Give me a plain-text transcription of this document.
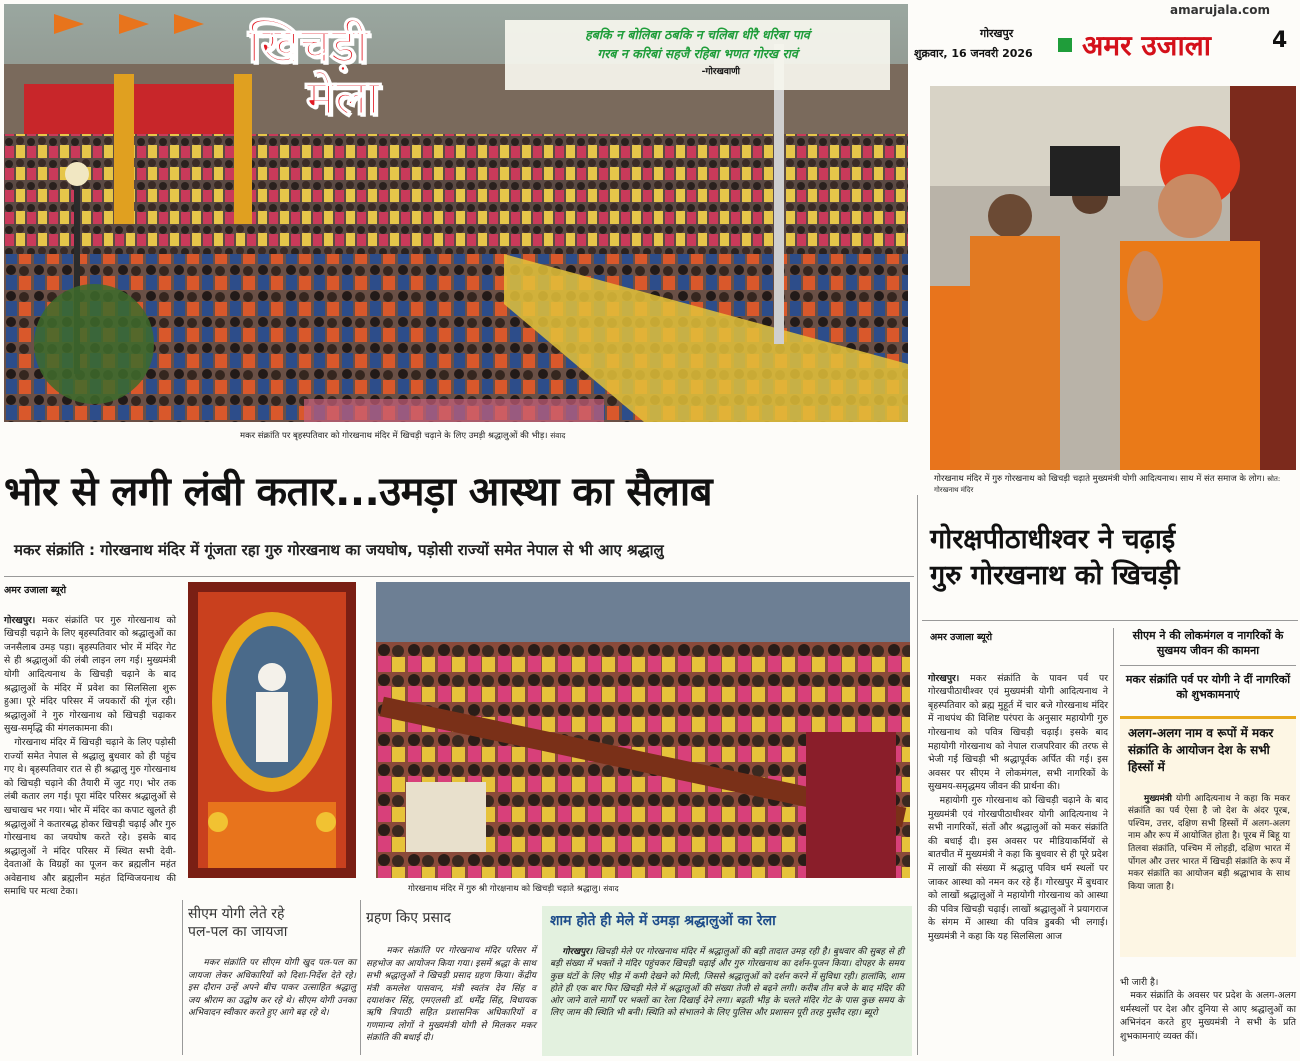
amarujala.com
गोरखपुर
शुक्रवार, 16 जनवरी 2026 अमर उजाला	4
खिचड़ी
मेला
हबकि न बोलिबा ठबकि न चलिबा धीरै धरिबा पावं
गरब न करिबां सहजै रहिबा भणत गोरख रावं
-गोरखवाणी
मकर संक्रांति पर बृहस्पतिवार को गोरखनाथ मंदिर में खिचड़ी चढ़ाने के लिए उमड़ी श्रद्धालुओं की भीड़। संवाद
गोरखनाथ मंदिर में गुरु गोरखनाथ को खिचड़ी चढ़ाते मुख्यमंत्री योगी आदित्यनाथ। साथ में संत समाज के लोग। स्रोत: गोरखनाथ मंदिर
भोर से लगी लंबी कतार...उमड़ा आस्था का सैलाब
मकर संक्रांति : गोरखनाथ मंदिर में गूंजता रहा गुरु गोरखनाथ का जयघोष, पड़ोसी राज्यों समेत नेपाल से भी आए श्रद्धालु
अमर उजाला ब्यूरो

गोरखपुर। मकर संक्रांति पर गुरु गोरखनाथ को खिचड़ी चढ़ाने के लिए बृहस्पतिवार को श्रद्धालुओं का जनसैलाब उमड़ पड़ा। बृहस्पतिवार भोर में मंदिर गेट से ही श्रद्धालुओं की लंबी लाइन लग गई। मुख्यमंत्री योगी आदित्यनाथ के खिचड़ी चढ़ाने के बाद श्रद्धालुओं के मंदिर में प्रवेश का सिलसिला शुरू हुआ। पूरे मंदिर परिसर में जयकारों की गूंज रही। श्रद्धालुओं ने गुरु गोरखनाथ को खिचड़ी चढ़ाकर सुख-समृद्धि की मंगलकामना की।
गोरखनाथ मंदिर में खिचड़ी चढ़ाने के लिए पड़ोसी राज्यों समेत नेपाल से श्रद्धालु बुधवार को ही पहुंच गए थे। बृहस्पतिवार रात से ही श्रद्धालु गुरु गोरखनाथ को खिचड़ी चढ़ाने की तैयारी में जुट गए। भोर तक लंबी कतार लग गई। पूरा मंदिर परिसर श्रद्धालुओं से खचाखच भर गया। भोर में मंदिर का कपाट खुलते ही श्रद्धालुओं ने कतारबद्ध होकर खिचड़ी चढ़ाई और गुरु गोरखनाथ का जयघोष करते रहे। इसके बाद श्रद्धालुओं ने मंदिर परिसर में स्थित सभी देवी-देवताओं के विग्रहों का पूजन कर ब्रह्मलीन महंत अवेद्यनाथ और ब्रह्मलीन महंत दिग्विजयनाथ की समाधि पर मत्था टेका।	गोरखनाथ मंदिर में गुरु श्री गोरक्षनाथ को खिचड़ी चढ़ाते श्रद्धालु। संवाद
सीएम योगी लेते रहे
पल-पल का जायजा

मकर संक्रांति पर सीएम योगी खुद पल-पल का जायजा लेकर अधिकारियों को दिशा-निर्देश देते रहे। इस दौरान उन्हें अपने बीच पाकर उत्साहित श्रद्धालु जय श्रीराम का उद्घोष कर रहे थे। सीएम योगी उनका अभिवादन स्वीकार करते हुए आगे बढ़ रहे थे।

ग्रहण किए प्रसाद

मकर संक्रांति पर गोरखनाथ मंदिर परिसर में सहभोज का आयोजन किया गया। इसमें श्रद्धा के साथ सभी श्रद्धालुओं ने खिचड़ी प्रसाद ग्रहण किया। केंद्रीय मंत्री कमलेश पासवान, मंत्री स्वतंत्र देव सिंह व दयाशंकर सिंह, एमएलसी डॉ. धर्मेंद्र सिंह, विधायक ऋषि त्रिपाठी सहित प्रशासनिक अधिकारियों व गणमान्य लोगों ने मुख्यमंत्री योगी से मिलकर मकर संक्रांति की बधाई दी।

शाम होते ही मेले में उमड़ा श्रद्धालुओं का रेला

गोरखपुर। खिचड़ी मेले पर गोरखनाथ मंदिर में श्रद्धालुओं की बड़ी तादात उमड़ रही है। बुधवार की सुबह से ही बड़ी संख्या में भक्तों ने मंदिर पहुंचकर खिचड़ी चढ़ाई और गुरु गोरखनाथ का दर्शन-पूजन किया। दोपहर के समय कुछ घंटों के लिए भीड़ में कमी देखने को मिली, जिससे श्रद्धालुओं को दर्शन करने में सुविधा रही। हालांकि, शाम होते ही एक बार फिर खिचड़ी मेले में श्रद्धालुओं की संख्या तेजी से बढ़ने लगी। करीब तीन बजे के बाद मंदिर की ओर जाने वाले मार्गों पर भक्तों का रेला दिखाई देने लगा। बढ़ती भीड़ के चलते मंदिर गेट के पास कुछ समय के लिए जाम की स्थिति भी बनी। स्थिति को संभालने के लिए पुलिस और प्रशासन पूरी तरह मुस्तैद रहा। ब्यूरो

गोरक्षपीठाधीश्वर ने चढ़ाई
गुरु गोरखनाथ को खिचड़ी
अमर उजाला ब्यूरो

गोरखपुर। मकर संक्रांति के पावन पर्व पर गोरखपीठाधीश्वर एवं मुख्यमंत्री योगी आदित्यनाथ ने बृहस्पतिवार को ब्रह्म मुहूर्त में चार बजे गोरखनाथ मंदिर में नाथपंथ की विशिष्ट परंपरा के अनुसार महायोगी गुरु गोरखनाथ को पवित्र खिचड़ी चढ़ाई। इसके बाद महायोगी गोरखनाथ को नेपाल राजपरिवार की तरफ से भेजी गई खिचड़ी भी श्रद्धापूर्वक अर्पित की गई। इस अवसर पर सीएम ने लोकमंगल, सभी नागरिकों के सुखमय-समृद्धमय जीवन की प्रार्थना की।
महायोगी गुरु गोरखनाथ को खिचड़ी चढ़ाने के बाद मुख्यमंत्री एवं गोरखपीठाधीश्वर योगी आदित्यनाथ ने सभी नागरिकों, संतों और श्रद्धालुओं को मकर संक्रांति की बधाई दी। इस अवसर पर मीडियाकर्मियों से बातचीत में मुख्यमंत्री ने कहा कि बुधवार से ही पूरे प्रदेश में लाखों की संख्या में श्रद्धालु पवित्र धर्म स्थलों पर जाकर आस्था को नमन कर रहे हैं। गोरखपुर में बुधवार को लाखों श्रद्धालुओं ने महायोगी गोरखनाथ को आस्था की पवित्र खिचड़ी चढ़ाई। लाखों श्रद्धालुओं ने प्रयागराज के संगम में आस्था की पवित्र डुबकी भी लगाई। मुख्यमंत्री ने कहा कि यह सिलसिला आज

सीएम ने की लोकमंगल व नागरिकों के सुखमय जीवन की कामना
मकर संक्रांति पर्व पर योगी ने दीं नागरिकों को शुभकामनाएं
अलग-अलग नाम व रूपों में मकर संक्रांति के आयोजन देश के सभी हिस्सों में

मुख्यमंत्री योगी आदित्यनाथ ने कहा कि मकर संक्रांति का पर्व ऐसा है जो देश के अंदर पूरब, पश्चिम, उत्तर, दक्षिण सभी हिस्सों में अलग-अलग नाम और रूप में आयोजित होता है। पूरब में बिहू या तिलवा संक्रांति, पश्चिम में लोहड़ी, दक्षिण भारत में पोंगल और उत्तर भारत में खिचड़ी संक्रांति के रूप में मकर संक्रांति का आयोजन बड़ी श्रद्धाभाव के साथ किया जाता है।

भी जारी है।
मकर संक्रांति के अवसर पर प्रदेश के अलग-अलग धर्मस्थलों पर देश और दुनिया से आए श्रद्धालुओं का अभिनंदन करते हुए मुख्यमंत्री ने सभी के प्रति शुभकामनाएं व्यक्त कीं।
